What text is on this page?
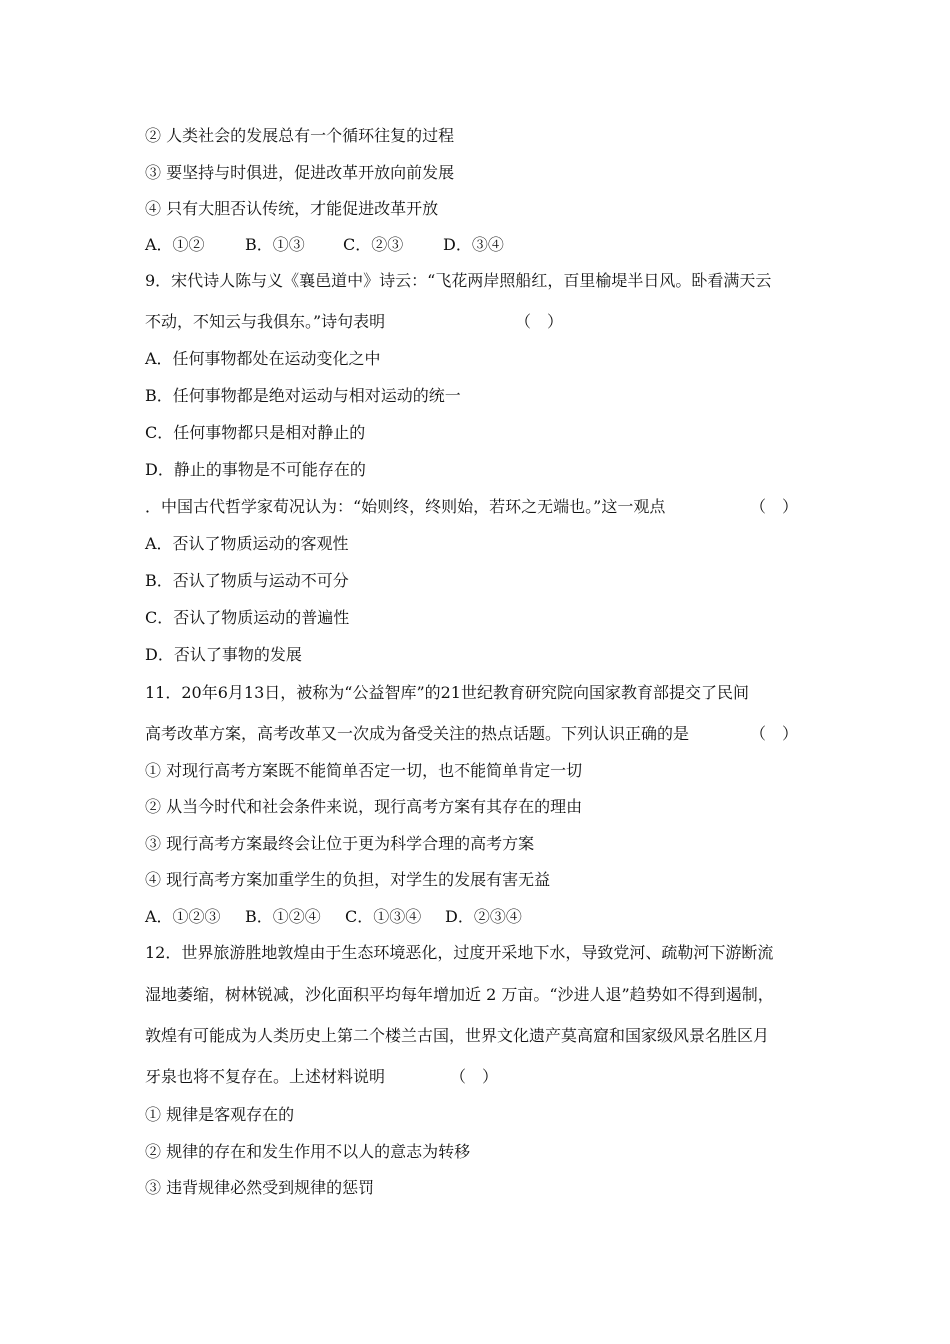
② 人类社会的发展总有一个循环往复的过程
③ 要坚持与时俱进，促进改革开放向前发展
④ 只有大胆否认传统，才能促进改革开放
A．①②	B．①③ C．②③ D．③④
9．宋代诗人陈与义《襄邑道中》诗云：“飞花两岸照船红，百里榆堤半日风。卧看满天云
不动，不知云与我俱东。”诗句表明	（　）
A．任何事物都处在运动变化之中
B．任何事物都是绝对运动与相对运动的统一
C．任何事物都只是相对静止的
D．静止的事物是不可能存在的
．中国古代哲学家荀况认为：“始则终，终则始，若环之无端也。”这一观点	（　）
A．否认了物质运动的客观性
B．否认了物质与运动不可分
C．否认了物质运动的普遍性
D．否认了事物的发展
11．20年6月13日，被称为“公益智库”的21世纪教育研究院向国家教育部提交了民间
高考改革方案，高考改革又一次成为备受关注的热点话题。下列认识正确的是	（　）
① 对现行高考方案既不能简单否定一切，也不能简单肯定一切
② 从当今时代和社会条件来说，现行高考方案有其存在的理由
③ 现行高考方案最终会让位于更为科学合理的高考方案
④ 现行高考方案加重学生的负担，对学生的发展有害无益
A．①②③ B．①②④ C．①③④ D．②③④
12．世界旅游胜地敦煌由于生态环境恶化，过度开采地下水，导致党河、疏勒河下游断流
湿地萎缩，树林锐减，沙化面积平均每年增加近 2 万亩。“沙进人退”趋势如不得到遏制，
敦煌有可能成为人类历史上第二个楼兰古国，世界文化遗产莫高窟和国家级风景名胜区月
牙泉也将不复存在。上述材料说明	（　）
① 规律是客观存在的
② 规律的存在和发生作用不以人的意志为转移
③ 违背规律必然受到规律的惩罚
